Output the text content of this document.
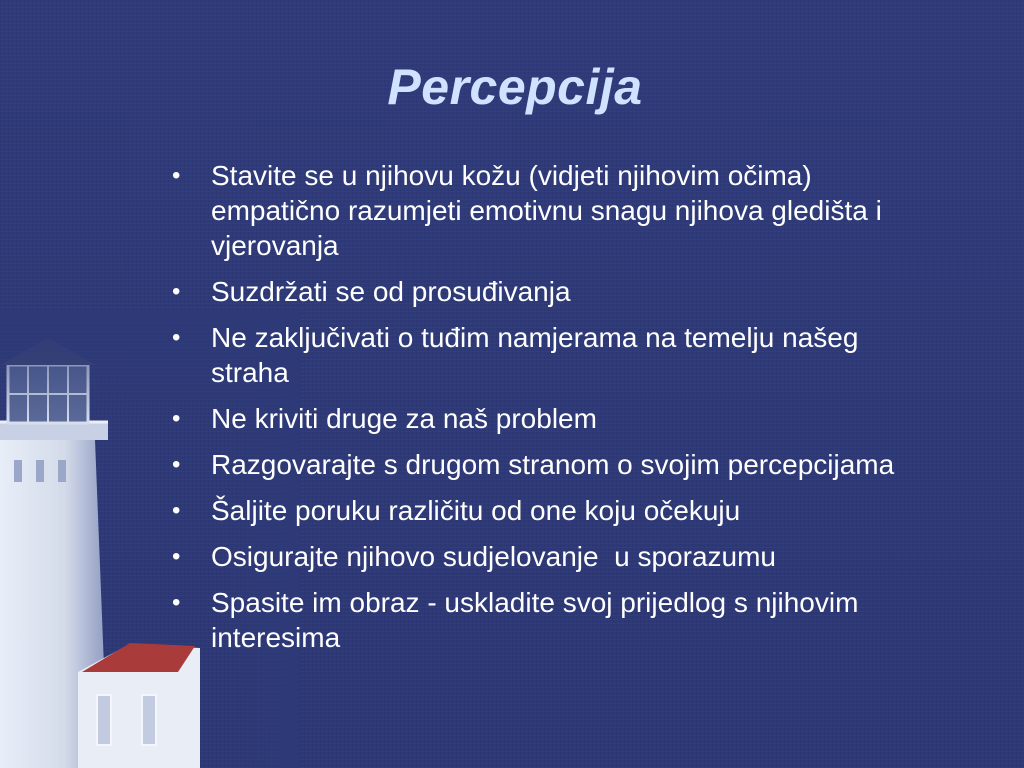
Percepcija
•	Stavite se u njihovu kožu (vidjeti njihovim očima) empatično razumjeti emotivnu snagu njihova gledišta i vjerovanja
•	Suzdržati se od prosuđivanja
•	Ne zaključivati o tuđim namjerama na temelju našeg straha
•	Ne kriviti druge za naš problem
•	Razgovarajte s drugom stranom o svojim percepcijama
•	Šaljite poruku različitu od one koju očekuju
•	Osigurajte njihovo sudjelovanje  u sporazumu
•	Spasite im obraz - uskladite svoj prijedlog s njihovim interesima
